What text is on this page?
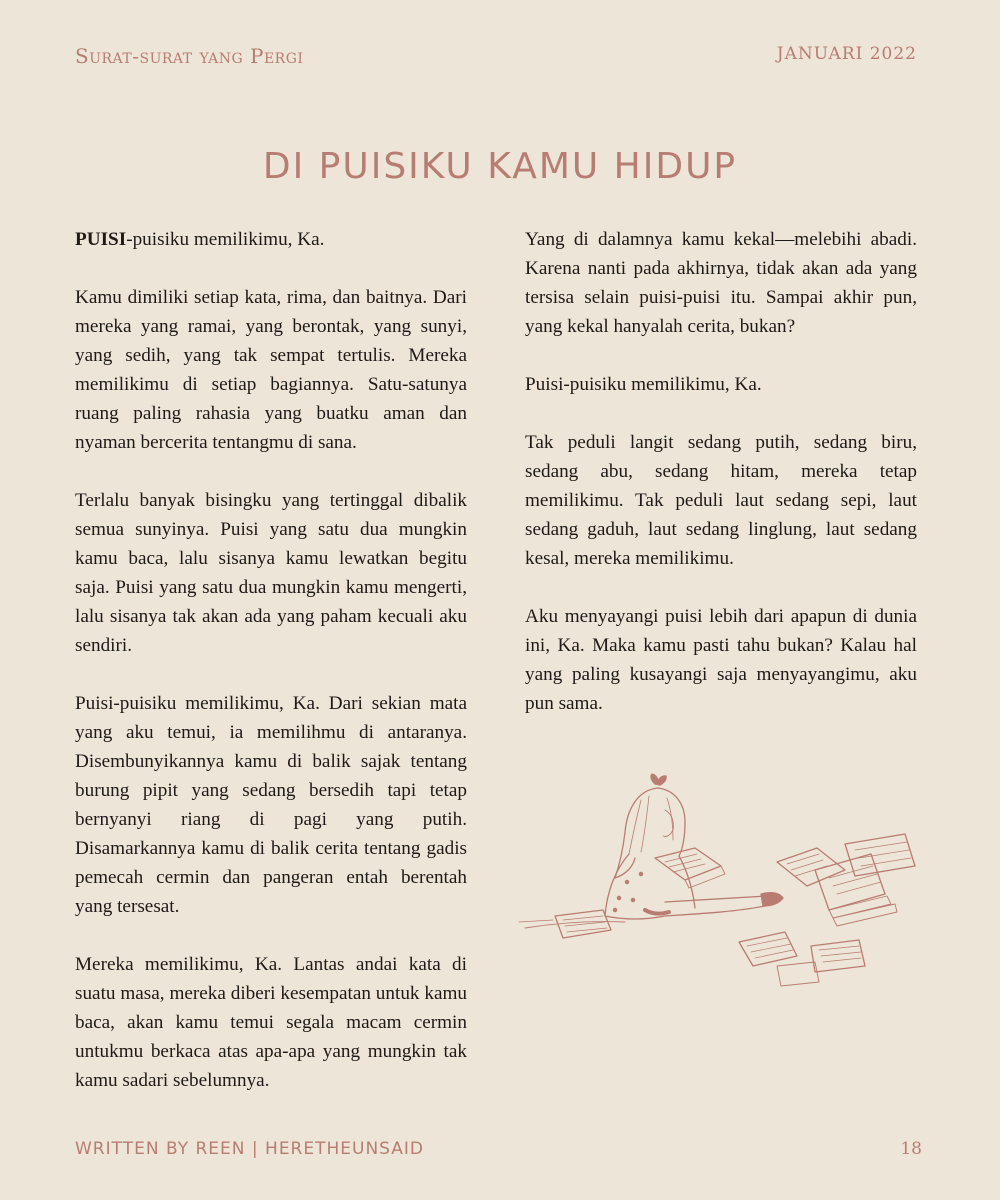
Surat-surat yang Pergi	JANUARI 2022
DI PUISIKU KAMU HIDUP

PUISI-puisiku memilikimu, Ka.

Kamu dimiliki setiap kata, rima, dan baitnya. Dari mereka yang ramai, yang berontak, yang sunyi, yang sedih, yang tak sempat tertulis. Mereka memilikimu di setiap bagiannya. Satu-satunya ruang paling rahasia yang buatku aman dan nyaman bercerita tentangmu di sana.

Terlalu banyak bisingku yang tertinggal dibalik semua sunyinya. Puisi yang satu dua mungkin kamu baca, lalu sisanya kamu lewatkan begitu saja. Puisi yang satu dua mungkin kamu mengerti, lalu sisanya tak akan ada yang paham kecuali aku sendiri.

Puisi-puisiku memilikimu, Ka. Dari sekian mata yang aku temui, ia memilihmu di antaranya. Disembunyikannya kamu di balik sajak tentang burung pipit yang sedang bersedih tapi tetap bernyanyi riang di pagi yang putih. Disamarkannya kamu di balik cerita tentang gadis pemecah cermin dan pangeran entah berentah yang tersesat.

Mereka memilikimu, Ka. Lantas andai kata di suatu masa, mereka diberi kesempatan untuk kamu baca, akan kamu temui segala macam cermin untukmu berkaca atas apa-apa yang mungkin tak kamu sadari sebelumnya.

Yang di dalamnya kamu kekal—melebihi abadi. Karena nanti pada akhirnya, tidak akan ada yang tersisa selain puisi-puisi itu. Sampai akhir pun, yang kekal hanyalah cerita, bukan?

Puisi-puisiku memilikimu, Ka.

Tak peduli langit sedang putih, sedang biru, sedang abu, sedang hitam, mereka tetap memilikimu. Tak peduli laut sedang sepi, laut sedang gaduh, laut sedang linglung, laut sedang kesal, mereka memilikimu.

Aku menyayangi puisi lebih dari apapun di dunia ini, Ka. Maka kamu pasti tahu bukan? Kalau hal yang paling kusayangi saja menyayangimu, aku pun sama.

WRITTEN BY REEN | HERETHEUNSAID	18
